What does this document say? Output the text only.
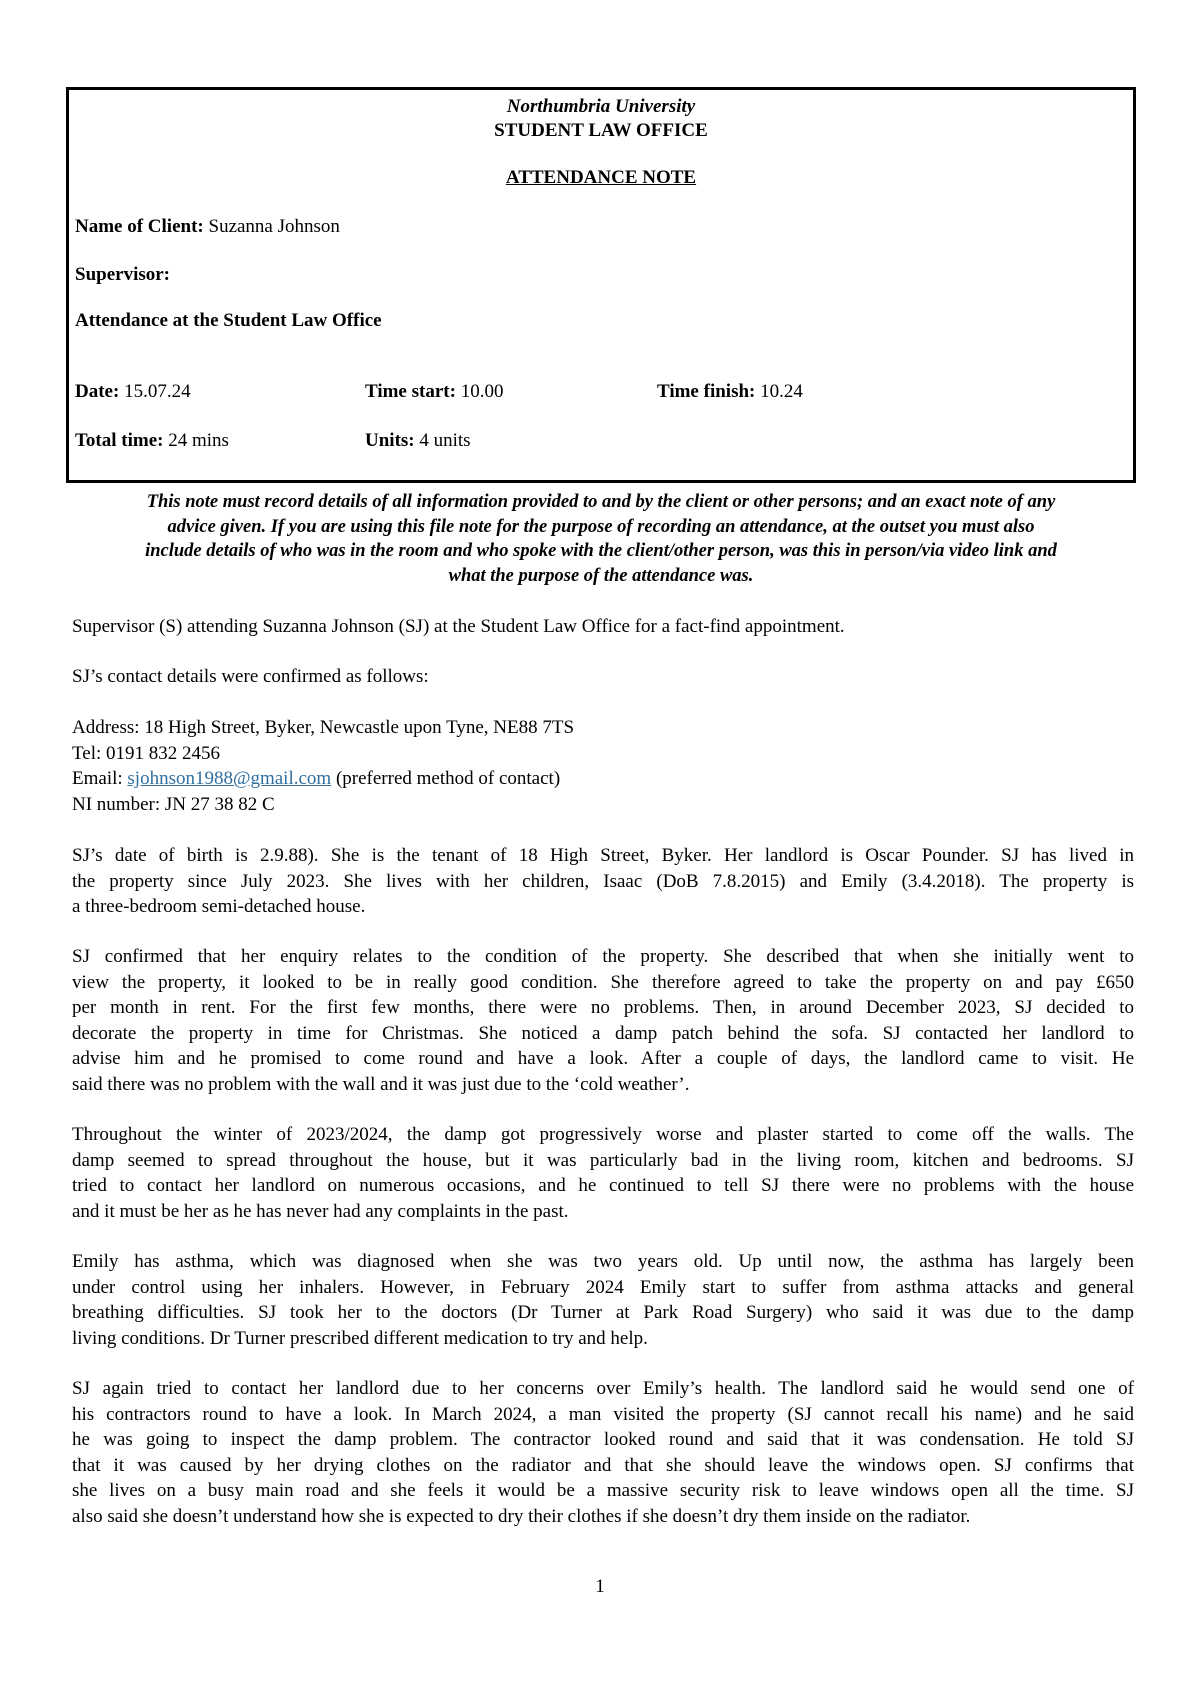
Northumbria University
STUDENT LAW OFFICE
ATTENDANCE NOTE
Name of Client: Suzanna Johnson
Supervisor:
Attendance at the Student Law Office
Date: 15.07.24	Time start: 10.00	Time finish: 10.24
Total time: 24 mins	Units: 4 units
This note must record details of all information provided to and by the client or other persons; and an exact note of any
advice given. If you are using this file note for the purpose of recording an attendance, at the outset you must also
include details of who was in the room and who spoke with the client/other person, was this in person/via video link and
what the purpose of the attendance was.
Supervisor (S) attending Suzanna Johnson (SJ) at the Student Law Office for a fact-find appointment.
SJ’s contact details were confirmed as follows:
Address: 18 High Street, Byker, Newcastle upon Tyne, NE88 7TS
Tel: 0191 832 2456
Email: sjohnson1988@gmail.com (preferred method of contact)
NI number: JN 27 38 82 C
SJ’s date of birth is 2.9.88). She is the tenant of 18 High Street, Byker. Her landlord is Oscar Pounder. SJ has lived in
the property since July 2023. She lives with her children, Isaac (DoB 7.8.2015) and Emily (3.4.2018). The property is
a three-bedroom semi-detached house.
SJ confirmed that her enquiry relates to the condition of the property. She described that when she initially went to
view the property, it looked to be in really good condition. She therefore agreed to take the property on and pay £650
per month in rent. For the first few months, there were no problems. Then, in around December 2023, SJ decided to
decorate the property in time for Christmas. She noticed a damp patch behind the sofa. SJ contacted her landlord to
advise him and he promised to come round and have a look. After a couple of days, the landlord came to visit. He
said there was no problem with the wall and it was just due to the ‘cold weather’.
Throughout the winter of 2023/2024, the damp got progressively worse and plaster started to come off the walls. The
damp seemed to spread throughout the house, but it was particularly bad in the living room, kitchen and bedrooms. SJ
tried to contact her landlord on numerous occasions, and he continued to tell SJ there were no problems with the house
and it must be her as he has never had any complaints in the past.
Emily has asthma, which was diagnosed when she was two years old. Up until now, the asthma has largely been
under control using her inhalers. However, in February 2024 Emily start to suffer from asthma attacks and general
breathing difficulties. SJ took her to the doctors (Dr Turner at Park Road Surgery) who said it was due to the damp
living conditions. Dr Turner prescribed different medication to try and help.
SJ again tried to contact her landlord due to her concerns over Emily’s health. The landlord said he would send one of
his contractors round to have a look. In March 2024, a man visited the property (SJ cannot recall his name) and he said
he was going to inspect the damp problem. The contractor looked round and said that it was condensation. He told SJ
that it was caused by her drying clothes on the radiator and that she should leave the windows open. SJ confirms that
she lives on a busy main road and she feels it would be a massive security risk to leave windows open all the time. SJ
also said she doesn’t understand how she is expected to dry their clothes if she doesn’t dry them inside on the radiator.
1
